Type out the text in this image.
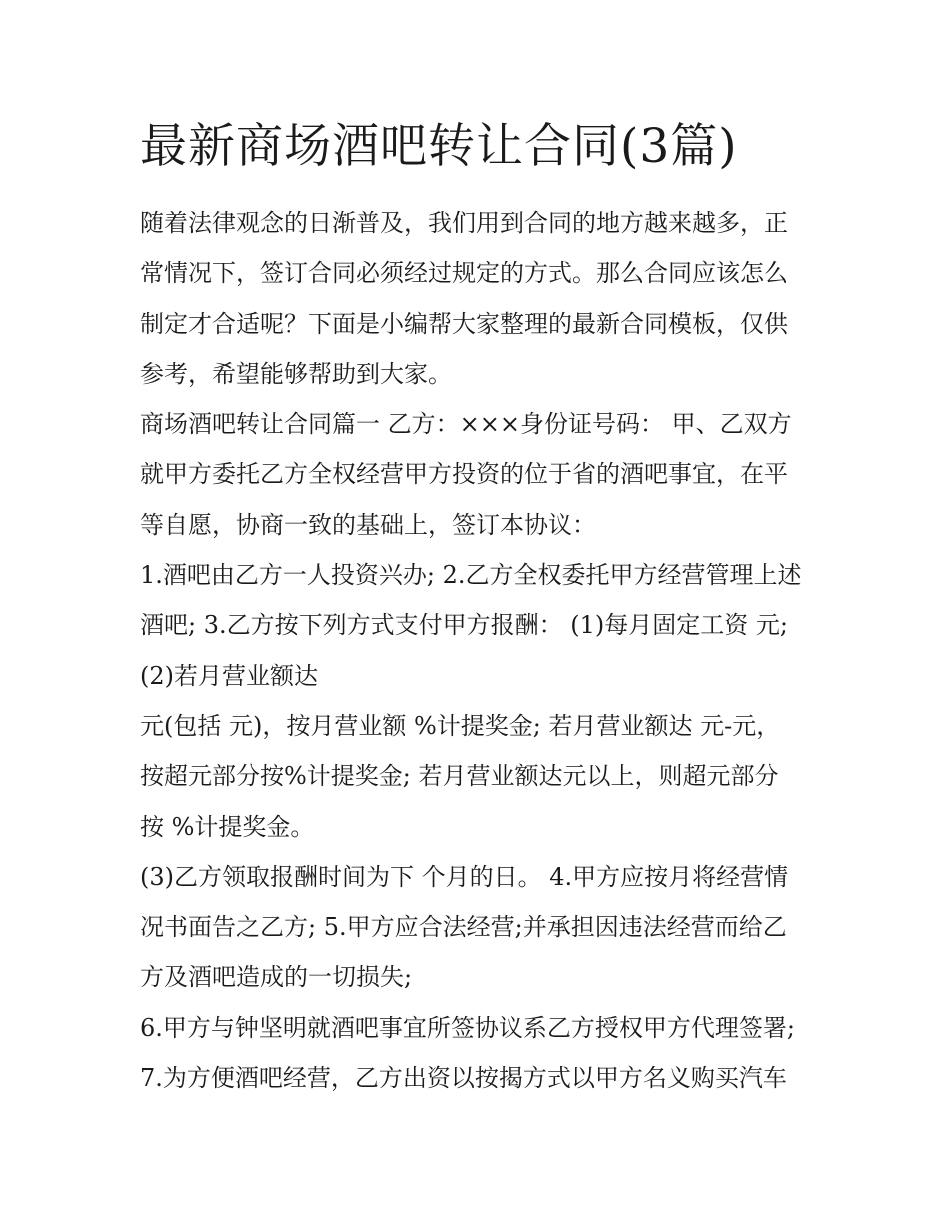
最新商场酒吧转让合同(3篇)
随着法律观念的日渐普及，我们用到合同的地方越来越多，正
常情况下，签订合同必须经过规定的方式。那么合同应该怎么
制定才合适呢？下面是小编帮大家整理的最新合同模板，仅供
参考，希望能够帮助到大家。
商场酒吧转让合同篇一 乙方：×××身份证号码： 甲、乙双方
就甲方委托乙方全权经营甲方投资的位于省的酒吧事宜，在平
等自愿，协商一致的基础上，签订本协议：
1.酒吧由乙方一人投资兴办; 2.乙方全权委托甲方经营管理上述
酒吧; 3.乙方按下列方式支付甲方报酬： (1)每月固定工资 元;
(2)若月营业额达
元(包括 元)，按月营业额 %计提奖金; 若月营业额达 元-元，
按超元部分按%计提奖金; 若月营业额达元以上，则超元部分
按 %计提奖金。
(3)乙方领取报酬时间为下 个月的日。 4.甲方应按月将经营情
况书面告之乙方; 5.甲方应合法经营;并承担因违法经营而给乙
方及酒吧造成的一切损失;
6.甲方与钟坚明就酒吧事宜所签协议系乙方授权甲方代理签署;
7.为方便酒吧经营，乙方出资以按揭方式以甲方名义购买汽车
